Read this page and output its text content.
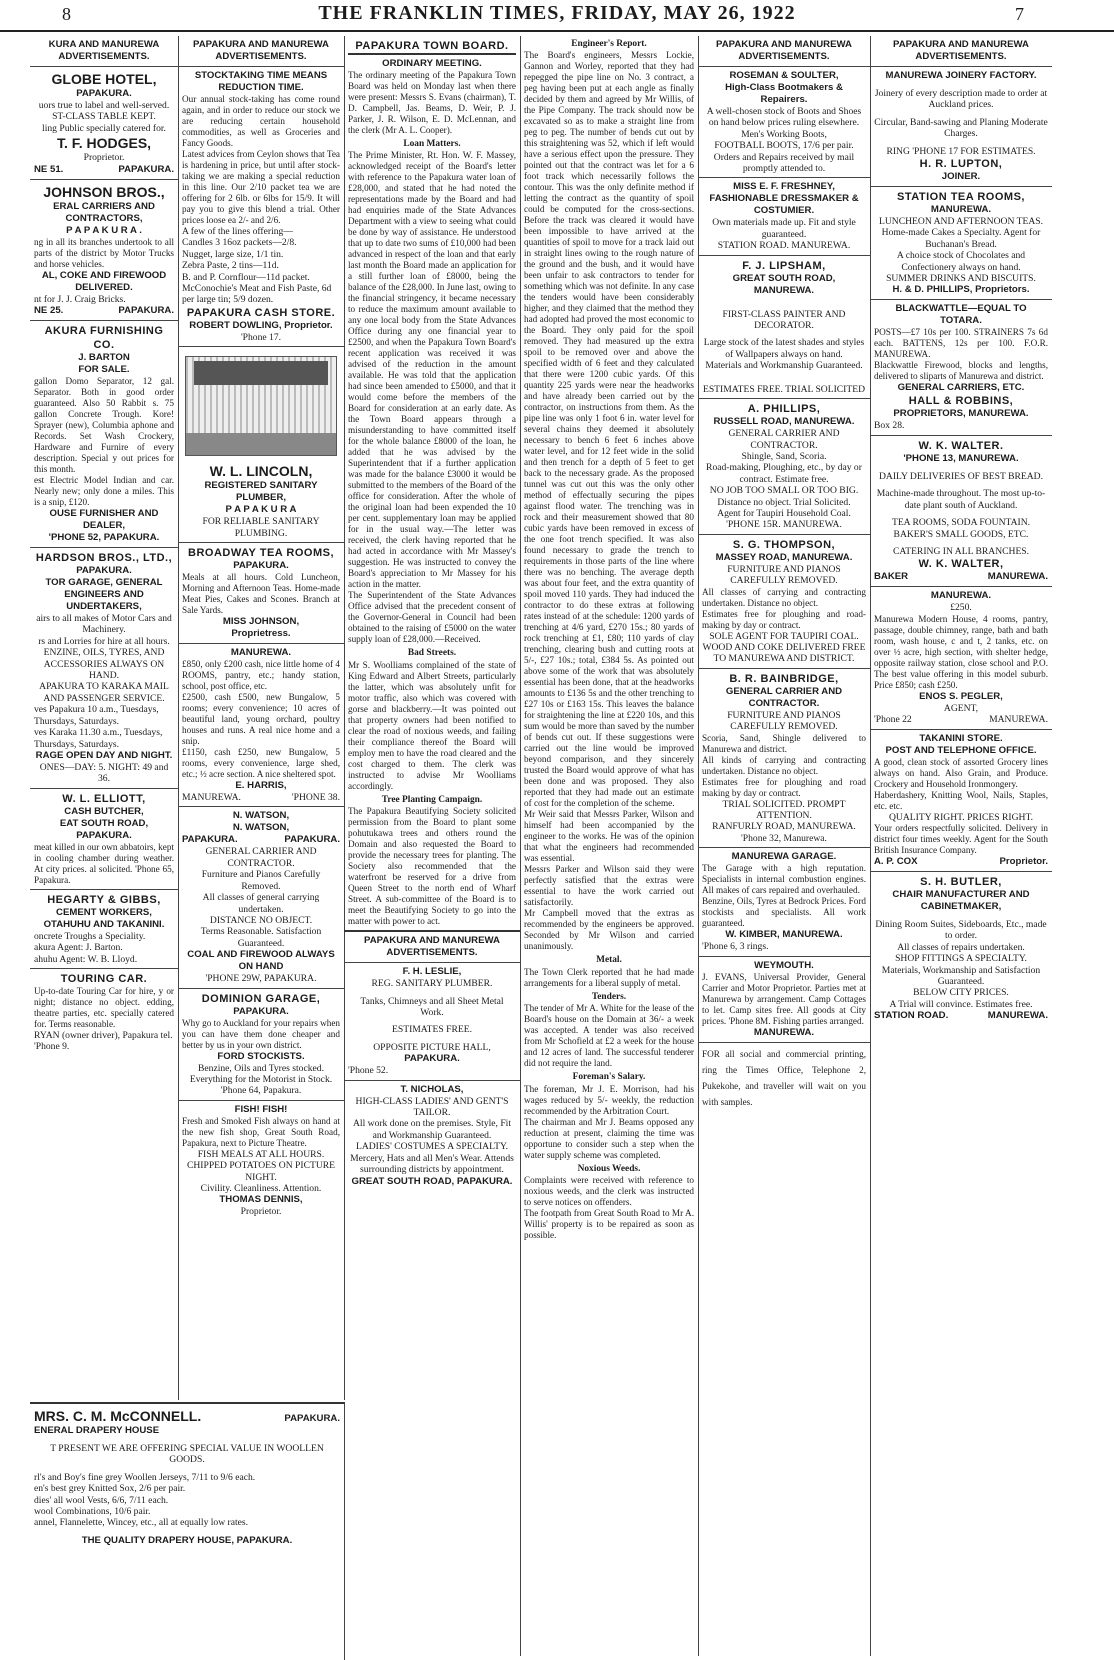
8	THE FRANKLIN TIMES, FRIDAY, MAY 26, 1922	7
KURA AND MANUREWA ADVERTISEMENTS.
GLOBE HOTEL,
PAPAKURA.

uors true to label and well-served.

ST-CLASS TABLE KEPT.

ling Public specially catered for.

T. F. HODGES,

Proprietor.

NE 51.	PAPAKURA.
JOHNSON BROS.,
ERAL CARRIERS AND CONTRACTORS,
P A P A K U R A .

ng in all its branches undertook to all parts of the district by Motor Trucks and horse vehicles.

AL, COKE AND FIREWOOD DELIVERED.

nt for J. J. Craig Bricks.

NE 25.	PAPAKURA.
AKURA FURNISHING CO.
J. BARTON
FOR SALE.

gallon Domo Separator, 12 gal. Separator. Both in good order guaranteed. Also 50 Rabbit s. 75 gallon Concrete Trough. Kore! Sprayer (new), Columbia aphone and Records. Set Wash Crockery, Hardware and Furnire of every description. Special y out prices for this month.

est Electric Model Indian and car. Nearly new; only done a miles. This is a snip, £120.

OUSE FURNISHER AND DEALER,
'PHONE 52, PAPAKURA.
HARDSON BROS., LTD.,
PAPAKURA.
TOR GARAGE, GENERAL ENGINEERS AND UNDERTAKERS,

airs to all makes of Motor Cars and Machinery.

rs and Lorries for hire at all hours.

ENZINE, OILS, TYRES, AND ACCESSORIES ALWAYS ON HAND.

APAKURA TO KARAKA MAIL AND PASSENGER SERVICE.

ves Papakura 10 a.m., Tuesdays, Thursdays, Saturdays.

ves Karaka 11.30 a.m., Tuesdays, Thursdays, Saturdays.

RAGE OPEN DAY AND NIGHT.

ONES—DAY: 5. NIGHT: 49 and 36.

W. L. ELLIOTT,
CASH BUTCHER,
EAT SOUTH ROAD, PAPAKURA.

meat killed in our own abbatoirs, kept in cooling chamber during weather. At city prices. al solicited. 'Phone 65, Papakura.

HEGARTY & GIBBS,
CEMENT WORKERS,
OTAHUHU AND TAKANINI.

oncrete Troughs a Speciality.

akura Agent: J. Barton.

ahuhu Agent: W. B. Lloyd.

TOURING CAR.

Up-to-date Touring Car for hire, y or night; distance no object. edding, theatre parties, etc. specially catered for. Terms reasonable.

RYAN (owner driver), Papakura tel. 'Phone 9.

PAPAKURA AND MANUREWA ADVERTISEMENTS.
STOCKTAKING TIME MEANS REDUCTION TIME.

Our annual stock-taking has come round again, and in order to reduce our stock we are reducing certain household commodities, as well as Groceries and Fancy Goods.

Latest advices from Ceylon shows that Tea is hardening in price, but until after stock-taking we are making a special reduction in this line. Our 2/10 packet tea we are offering for 2 6lb. or 6lbs for 15/9. It will pay you to give this blend a trial. Other prices loose ea 2/- and 2/6.

A few of the lines offering—

Candles 3 16oz packets—2/8.

Nugget, large size, 1/1 tin.

Zebra Paste, 2 tins—11d.

B. and P. Cornflour—11d packet.

McConochie's Meat and Fish Paste, 6d per large tin; 5/9 dozen.

PAPAKURA CASH STORE.
ROBERT DOWLING, Proprietor.

'Phone 17.

W. L. LINCOLN,
REGISTERED SANITARY PLUMBER,
P A P A K U R A

FOR RELIABLE SANITARY PLUMBING.

BROADWAY TEA ROOMS,
PAPAKURA.

Meals at all hours. Cold Luncheon, Morning and Afternoon Teas. Home-made Meat Pies, Cakes and Scones. Branch at Sale Yards.

MISS JOHNSON,
Proprietress.
MANUREWA.

£850, only £200 cash, nice little home of 4 ROOMS, pantry, etc.; handy station, school, post office, etc.

£2500, cash £500, new Bungalow, 5 rooms; every convenience; 10 acres of beautiful land, young orchard, poultry houses and runs. A real nice home and a snip.

£1150, cash £250, new Bungalow, 5 rooms, every convenience, large shed, etc.; ½ acre section. A nice sheltered spot.

E. HARRIS,
MANUREWA.	'PHONE 38.
N. WATSON,
N. WATSON,
PAPAKURA.	PAPAKURA.

GENERAL CARRIER AND CONTRACTOR.

Furniture and Pianos Carefully Removed.

All classes of general carrying undertaken.

DISTANCE NO OBJECT.

Terms Reasonable. Satisfaction Guaranteed.

COAL AND FIREWOOD ALWAYS ON HAND

'PHONE 29W, PAPAKURA.

DOMINION GARAGE,
PAPAKURA.

Why go to Auckland for your repairs when you can have them done cheaper and better by us in your own district.

FORD STOCKISTS.

Benzine, Oils and Tyres stocked.

Everything for the Motorist in Stock. 'Phone 64, Papakura.

FISH! FISH!

Fresh and Smoked Fish always on hand at the new fish shop, Great South Road, Papakura, next to Picture Theatre.

FISH MEALS AT ALL HOURS.

CHIPPED POTATOES ON PICTURE NIGHT.

Civility. Cleanliness. Attention.

THOMAS DENNIS,

Proprietor.

MRS. C. M. McCONNELL.	PAPAKURA.
ENERAL DRAPERY HOUSE

T PRESENT WE ARE OFFERING SPECIAL VALUE IN WOOLLEN GOODS.

rl's and Boy's fine grey Woollen Jerseys, 7/11 to 9/6 each.

en's best grey Knitted Sox, 2/6 per pair.

dies' all wool Vests, 6/6, 7/11 each.

wool Combinations, 10/6 pair.

annel, Flannelette, Wincey, etc., all at equally low rates.

THE QUALITY DRAPERY HOUSE, PAPAKURA.
PAPAKURA TOWN BOARD.
ORDINARY MEETING.

The ordinary meeting of the Papakura Town Board was held on Monday last when there were present: Messrs S. Evans (chairman), T. D. Campbell, Jas. Beams, D. Weir, P. J. Parker, J. R. Wilson, E. D. McLennan, and the clerk (Mr A. L. Cooper).

Loan Matters.

The Prime Minister, Rt. Hon. W. F. Massey, acknowledged receipt of the Board's letter with reference to the Papakura water loan of £28,000, and stated that he had noted the representations made by the Board and had had enquiries made of the State Advances Department with a view to seeing what could be done by way of assistance. He understood that up to date two sums of £10,000 had been advanced in respect of the loan and that early last month the Board made an application for a still further loan of £8000, being the balance of the £28,000. In June last, owing to the financial stringency, it became necessary to reduce the maximum amount available to any one local body from the State Advances Office during any one financial year to £2500, and when the Papakura Town Board's recent application was received it was advised of the reduction in the amount available. He was told that the application had since been amended to £5000, and that it would come before the members of the Board for consideration at an early date. As the Town Board appears through a misunderstanding to have committed itself for the whole balance £8000 of the loan, he added that he was advised by the Superintendent that if a further application was made for the balance £3000 it would be submitted to the members of the Board of the office for consideration. After the whole of the original loan had been expended the 10 per cent. supplementary loan may be applied for in the usual way.—The letter was received, the clerk having reported that he had acted in accordance with Mr Massey's suggestion. He was instructed to convey the Board's appreciation to Mr Massey for his action in the matter.

The Superintendent of the State Advances Office advised that the precedent consent of the Governor-General in Council had been obtained to the raising of £5000 on the water supply loan of £28,000.—Received.

Bad Streets.

Mr S. Woolliams complained of the state of King Edward and Albert Streets, particularly the latter, which was absolutely unfit for motor traffic, also which was covered with gorse and blackberry.—It was pointed out that property owners had been notified to clear the road of noxious weeds, and failing their compliance thereof the Board will employ men to have the road cleared and the cost charged to them. The clerk was instructed to advise Mr Woolliams accordingly.

Tree Planting Campaign.

The Papakura Beautifying Society solicited permission from the Board to plant some pohutukawa trees and others round the Domain and also requested the Board to provide the necessary trees for planting. The Society also recommended that the waterfront be reserved for a drive from Queen Street to the north end of Wharf Street. A sub-committee of the Board is to meet the Beautifying Society to go into the matter with power to act.

PAPAKURA AND MANUREWA ADVERTISEMENTS.
F. H. LESLIE,

REG. SANITARY PLUMBER.

Tanks, Chimneys and all Sheet Metal Work.

ESTIMATES FREE.

OPPOSITE PICTURE HALL,

PAPAKURA.

'Phone 52.

T. NICHOLAS,

HIGH-CLASS LADIES' AND GENT'S TAILOR.

All work done on the premises. Style, Fit and Workmanship Guaranteed.

LADIES' COSTUMES A SPECIALTY. Mercery, Hats and all Men's Wear. Attends surrounding districts by appointment.

GREAT SOUTH ROAD, PAPAKURA.
Engineer's Report.

The Board's engineers, Messrs Lockie, Gannon and Worley, reported that they had repegged the pipe line on No. 3 contract, a peg having been put at each angle as finally decided by them and agreed by Mr Willis, of the Pipe Company. The track should now be excavated so as to make a straight line from peg to peg. The number of bends cut out by this straightening was 52, which if left would have a serious effect upon the pressure. They pointed out that the contract was let for a 6 foot track which necessarily follows the contour. This was the only definite method if letting the contract as the quantity of spoil could be computed for the cross-sections. Before the track was cleared it would have been impossible to have arrived at the quantities of spoil to move for a track laid out in straight lines owing to the rough nature of the ground and the bush, and it would have been unfair to ask contractors to tender for something which was not definite. In any case the tenders would have been considerably higher, and they claimed that the method they had adopted had proved the most economic to the Board. They only paid for the spoil removed. They had measured up the extra spoil to be removed over and above the specified width of 6 feet and they calculated that there were 1200 cubic yards. Of this quantity 225 yards were near the headworks and have already been carried out by the contractor, on instructions from them. As the pipe line was only 1 foot 6 in. water level for several chains they deemed it absolutely necessary to bench 6 feet 6 inches above water level, and for 12 feet wide in the solid and then trench for a depth of 5 feet to get back to the necessary grade. As the proposed tunnel was cut out this was the only other method of effectually securing the pipes against flood water. The trenching was in rock and their measurement showed that 80 cubic yards have been removed in excess of the one foot trench specified. It was also found necessary to grade the trench to requirements in those parts of the line where there was no benching. The average depth was about four feet, and the extra quantity of spoil moved 110 yards. They had induced the contractor to do these extras at following rates instead of at the schedule: 1200 yards of trenching at 4/6 yard, £270 15s.; 80 yards of rock trenching at £1, £80; 110 yards of clay trenching, clearing bush and cutting roots at 5/-, £27 10s.; total, £384 5s. As pointed out above some of the work that was absolutely essential has been done, that at the headworks amounts to £136 5s and the other trenching to £27 10s or £163 15s. This leaves the balance for straightening the line at £220 10s, and this sum would be more than saved by the number of bends cut out. If these suggestions were carried out the line would be improved beyond comparison, and they sincerely trusted the Board would approve of what has been done and was proposed. They also reported that they had made out an estimate of cost for the completion of the scheme.

Mr Weir said that Messrs Parker, Wilson and himself had been accompanied by the engineer to the works. He was of the opinion that what the engineers had recommended was essential.

Messrs Parker and Wilson said they were perfectly satisfied that the extras were essential to have the work carried out satisfactorily.

Mr Campbell moved that the extras as recommended by the engineers be approved. Seconded by Mr Wilson and carried unanimously.

Metal.

The Town Clerk reported that he had made arrangements for a liberal supply of metal.

Tenders.

The tender of Mr A. White for the lease of the Board's house on the Domain at 36/- a week was accepted. A tender was also received from Mr Schofield at £2 a week for the house and 12 acres of land. The successful tenderer did not require the land.

Foreman's Salary.

The foreman, Mr J. E. Morrison, had his wages reduced by 5/- weekly, the reduction recommended by the Arbitration Court.

The chairman and Mr J. Beams opposed any reduction at present, claiming the time was opportune to consider such a step when the water supply scheme was completed.

Noxious Weeds.

Complaints were received with reference to noxious weeds, and the clerk was instructed to serve notices on offenders.

The footpath from Great South Road to Mr A. Willis' property is to be repaired as soon as possible.

PAPAKURA AND MANUREWA ADVERTISEMENTS.
ROSEMAN & SOULTER,
High-Class Bootmakers & Repairers.

A well-chosen stock of Boots and Shoes on hand below prices ruling elsewhere.

Men's Working Boots,

FOOTBALL BOOTS, 17/6 per pair.

Orders and Repairs received by mail promptly attended to.

MISS E. F. FRESHNEY,
FASHIONABLE DRESSMAKER & COSTUMIER.

Own materials made up. Fit and style guaranteed.

STATION ROAD. MANUREWA.

F. J. LIPSHAM,
GREAT SOUTH ROAD, MANUREWA.

FIRST-CLASS PAINTER AND DECORATOR.

Large stock of the latest shades and styles of Wallpapers always on hand.

Materials and Workmanship Guaranteed.

ESTIMATES FREE. TRIAL SOLICITED

A. PHILLIPS,
RUSSELL ROAD, MANUREWA.

GENERAL CARRIER AND CONTRACTOR.

Shingle, Sand, Scoria.

Road-making, Ploughing, etc., by day or contract. Estimate free.

NO JOB TOO SMALL OR TOO BIG.

Distance no object. Trial Solicited.

Agent for Taupiri Household Coal.

'PHONE 15R. MANUREWA.

S. G. THOMPSON,
MASSEY ROAD, MANUREWA.

FURNITURE AND PIANOS CAREFULLY REMOVED.

All classes of carrying and contracting undertaken. Distance no object.

Estimates free for ploughing and road-making by day or contract.

SOLE AGENT FOR TAUPIRI COAL.

WOOD AND COKE DELIVERED FREE TO MANUREWA AND DISTRICT.

B. R. BAINBRIDGE,
GENERAL CARRIER AND CONTRACTOR.

FURNITURE AND PIANOS CAREFULLY REMOVED.

Scoria, Sand, Shingle delivered to Manurewa and district.

All kinds of carrying and contracting undertaken. Distance no object.

Estimates free for ploughing and road making by day or contract.

TRIAL SOLICITED. PROMPT ATTENTION.

RANFURLY ROAD, MANUREWA.

'Phone 32, Manurewa.

MANUREWA GARAGE.

The Garage with a high reputation. Specialists in internal combustion engines. All makes of cars repaired and overhauled.

Benzine, Oils, Tyres at Bedrock Prices. Ford stockists and specialists. All work guaranteed.

W. KIMBER, MANUREWA.

'Phone 6, 3 rings.

WEYMOUTH.

J. EVANS, Universal Provider, General Carrier and Motor Proprietor. Parties met at Manurewa by arrangement. Camp Cottages to let. Camp sites free. All goods at City prices. 'Phone 8M. Fishing parties arranged.

MANUREWA.

FOR all social and commercial printing, ring the Times Office, Telephone 2, Pukekohe, and traveller will wait on you with samples.

PAPAKURA AND MANUREWA ADVERTISEMENTS.
MANUREWA JOINERY FACTORY.

Joinery of every description made to order at Auckland prices.

Circular, Band-sawing and Planing Moderate Charges.

RING 'PHONE 17 FOR ESTIMATES.

H. R. LUPTON,
JOINER.
STATION TEA ROOMS,
MANUREWA.

LUNCHEON AND AFTERNOON TEAS.

Home-made Cakes a Specialty. Agent for Buchanan's Bread.

A choice stock of Chocolates and Confectionery always on hand.

SUMMER DRINKS AND BISCUITS.

H. & D. PHILLIPS, Proprietors.
BLACKWATTLE—EQUAL TO TOTARA.

POSTS—£7 10s per 100. STRAINERS 7s 6d each. BATTENS, 12s per 100. F.O.R. MANUREWA.

Blackwattle Firewood, blocks and lengths, delivered to sliparts of Manurewa and district.

GENERAL CARRIERS, ETC.
HALL & ROBBINS,
PROPRIETORS, MANUREWA.

Box 28.

W. K. WALTER.
'PHONE 13, MANUREWA.

DAILY DELIVERIES OF BEST BREAD.

Machine-made throughout. The most up-to-date plant south of Auckland.

TEA ROOMS, SODA FOUNTAIN. BAKER'S SMALL GOODS, ETC.

CATERING IN ALL BRANCHES.

W. K. WALTER,
BAKER	MANUREWA.
MANUREWA.

£250.

Manurewa Modern House, 4 rooms, pantry, passage, double chimney, range, bath and bath room, wash house, c and t, 2 tanks, etc. on over ½ acre, high section, with shelter hedge, opposite railway station, close school and P.O. The best value offering in this model suburb. Price £850; cash £250.

ENOS S. PEGLER,

AGENT,

'Phone 22	MANUREWA.
TAKANINI STORE.
POST AND TELEPHONE OFFICE.

A good, clean stock of assorted Grocery lines always on hand. Also Grain, and Produce. Crockery and Household Ironmongery.

Haberdashery, Knitting Wool, Nails, Staples, etc. etc.

QUALITY RIGHT. PRICES RIGHT.

Your orders respectfully solicited. Delivery in district four times weekly. Agent for the South British Insurance Company.

A. P. COX	Proprietor.
S. H. BUTLER,
CHAIR MANUFACTURER AND CABINETMAKER,

Dining Room Suites, Sideboards, Etc., made to order.

All classes of repairs undertaken.

SHOP FITTINGS A SPECIALTY.

Materials, Workmanship and Satisfaction Guaranteed.

BELOW CITY PRICES.

A Trial will convince. Estimates free.

STATION ROAD.	MANUREWA.
